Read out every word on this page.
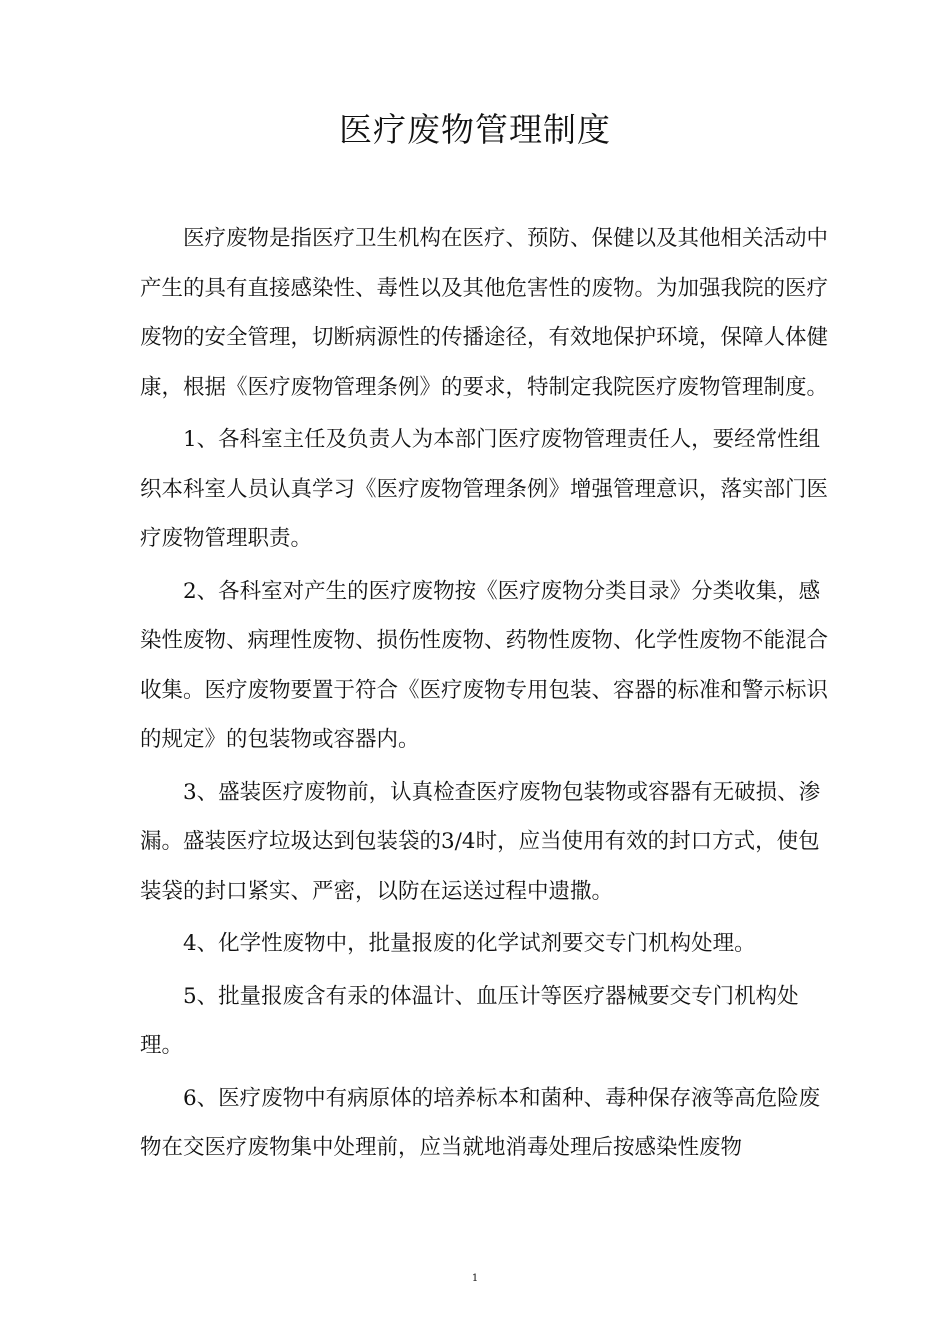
医疗废物管理制度

医疗废物是指医疗卫生机构在医疗、预防、保健以及其他相关活动中产生的具有直接感染性、毒性以及其他危害性的废物。为加强我院的医疗废物的安全管理，切断病源性的传播途径，有效地保护环境，保障人体健康，根据《医疗废物管理条例》的要求，特制定我院医疗废物管理制度。

1、各科室主任及负责人为本部门医疗废物管理责任人，要经常性组织本科室人员认真学习《医疗废物管理条例》增强管理意识，落实部门医疗废物管理职责。

2、各科室对产生的医疗废物按《医疗废物分类目录》分类收集，感染性废物、病理性废物、损伤性废物、药物性废物、化学性废物不能混合收集。医疗废物要置于符合《医疗废物专用包装、容器的标准和警示标识的规定》的包装物或容器内。

3、盛装医疗废物前，认真检查医疗废物包装物或容器有无破损、渗漏。盛装医疗垃圾达到包装袋的3/4时，应当使用有效的封口方式，使包装袋的封口紧实、严密，以防在运送过程中遗撒。

4、化学性废物中，批量报废的化学试剂要交专门机构处理。

5、批量报废含有汞的体温计、血压计等医疗器械要交专门机构处理。

6、医疗废物中有病原体的培养标本和菌种、毒种保存液等高危险废物在交医疗废物集中处理前，应当就地消毒处理后按感染性废物

1
